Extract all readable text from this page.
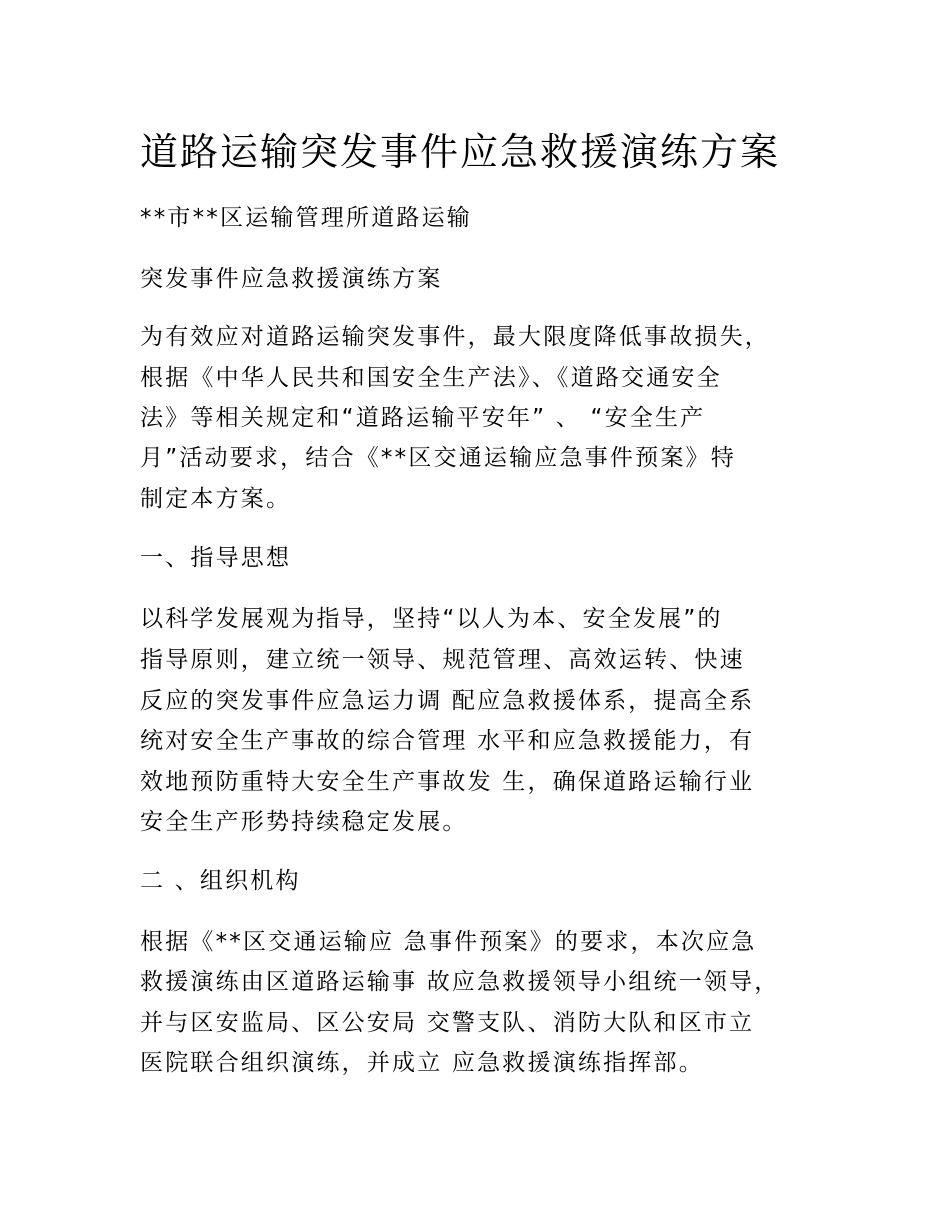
道路运输突发事件应急救援演练方案
**市**区运输管理所道路运输
突发事件应急救援演练方案
为有效应对道路运输突发事件，最大限度降低事故损失，
根据《中华人民共和国安全生产法》、《道路交通安全
法》等相关规定和“道路运输平安年” 、 “安全生产
月”活动要求，结合《**区交通运输应急事件预案》特
制定本方案。
一、指导思想
以科学发展观为指导，坚持“以人为本、安全发展”的
指导原则，建立统一领导、规范管理、高效运转、快速
反应的突发事件应急运力调 配应急救援体系，提高全系
统对安全生产事故的综合管理 水平和应急救援能力，有
效地预防重特大安全生产事故发 生，确保道路运输行业
安全生产形势持续稳定发展。
二 、组织机构
根据《**区交通运输应 急事件预案》的要求，本次应急
救援演练由区道路运输事 故应急救援领导小组统一领导，
并与区安监局、区公安局 交警支队、消防大队和区市立
医院联合组织演练，并成立 应急救援演练指挥部。
